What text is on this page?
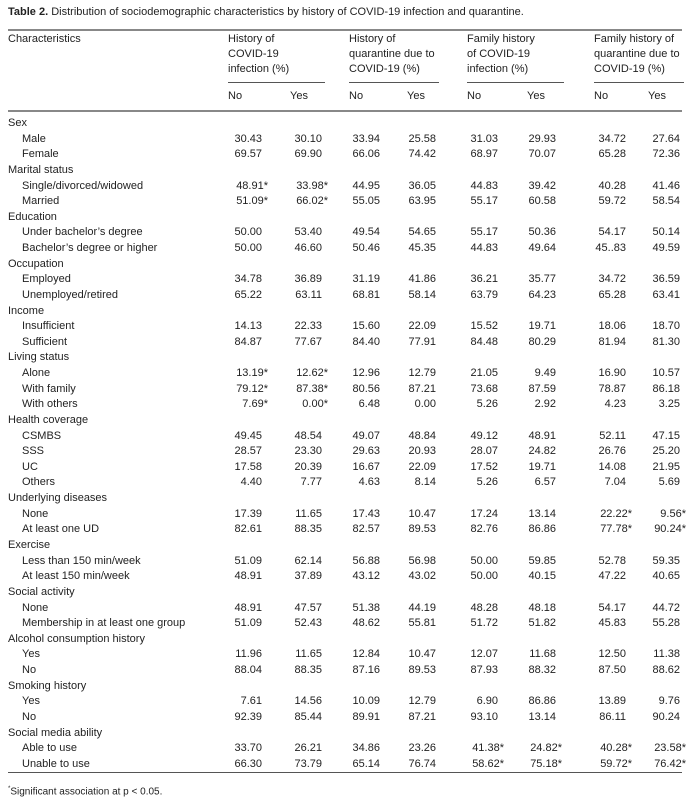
Table 2. Distribution of sociodemographic characteristics by history of COVID-19 infection and quarantine.
Characteristics	History of
COVID-19
infection (%)
History of
quarantine due to
COVID-19 (%)
Family history
of COVID-19
infection (%)
Family history of
quarantine due to
COVID-19 (%)
No	Yes	No	Yes	No	Yes	No	Yes
Sex
Male	30.43	30.10	33.94	25.58	31.03	29.93	34.72 27.64
Female	69.57	69.90	66.06	74.42	68.97	70.07	65.28 72.36
Marital status
Single/divorced/widowed	48.91*	33.98* 44.95	36.05	44.83	39.42	40.28 41.46
Married	51.09*	66.02* 55.05	63.95	55.17	60.58	59.72 58.54
Education
Under bachelor’s degree	50.00	53.40	49.54	54.65	55.17	50.36	54.17 50.14
Bachelor’s degree or higher	50.00	46.60	50.46	45.35	44.83	49.64	45..83 49.59
Occupation
Employed	34.78	36.89	31.19	41.86	36.21	35.77	34.72 36.59
Unemployed/retired	65.22	63.11	68.81	58.14	63.79	64.23	65.28 63.41
Income
Insufficient	14.13	22.33	15.60	22.09	15.52	19.71	18.06 18.70
Sufficient	84.87	77.67	84.40	77.91	84.48	80.29	81.94 81.30
Living status
Alone	13.19*	12.62* 12.96	12.79	21.05	9.49	16.90 10.57
With family	79.12*	87.38* 80.56	87.21	73.68	87.59	78.87 86.18
With others	7.69*	0.00*	6.48	0.00	5.26	2.92	4.23	3.25
Health coverage
CSMBS	49.45	48.54	49.07	48.84	49.12	48.91	52.11 47.15
SSS	28.57	23.30	29.63	20.93	28.07	24.82	26.76 25.20
UC	17.58	20.39	16.67	22.09	17.52	19.71	14.08 21.95
Others	4.40	7.77	4.63	8.14	5.26	6.57	7.04	5.69
Underlying diseases
None	17.39	11.65	17.43	10.47	17.24	13.14	22.22*	9.56*
At least one UD	82.61	88.35	82.57	89.53	82.76	86.86	77.78* 90.24*
Exercise
Less than 150 min/week	51.09	62.14	56.88	56.98	50.00	59.85	52.78 59.35
At least 150 min/week	48.91	37.89	43.12	43.02	50.00	40.15	47.22 40.65
Social activity
None	48.91	47.57	51.38	44.19	48.28	48.18	54.17 44.72
Membership in at least one group	51.09	52.43	48.62	55.81	51.72	51.82	45.83 55.28
Alcohol consumption history
Yes	11.96	11.65	12.84	10.47	12.07	11.68	12.50 11.38
No	88.04	88.35	87.16	89.53	87.93	88.32	87.50 88.62
Smoking history
Yes	7.61	14.56	10.09	12.79	6.90	86.86	13.89	9.76
No	92.39	85.44	89.91	87.21	93.10	13.14	86.11 90.24
Social media ability
Able to use	33.70	26.21	34.86	23.26	41.38* 24.82*	40.28* 23.58*
Unable to use	66.30	73.79	65.14	76.74	58.62* 75.18*	59.72* 76.42*
*Significant association at p < 0.05.
